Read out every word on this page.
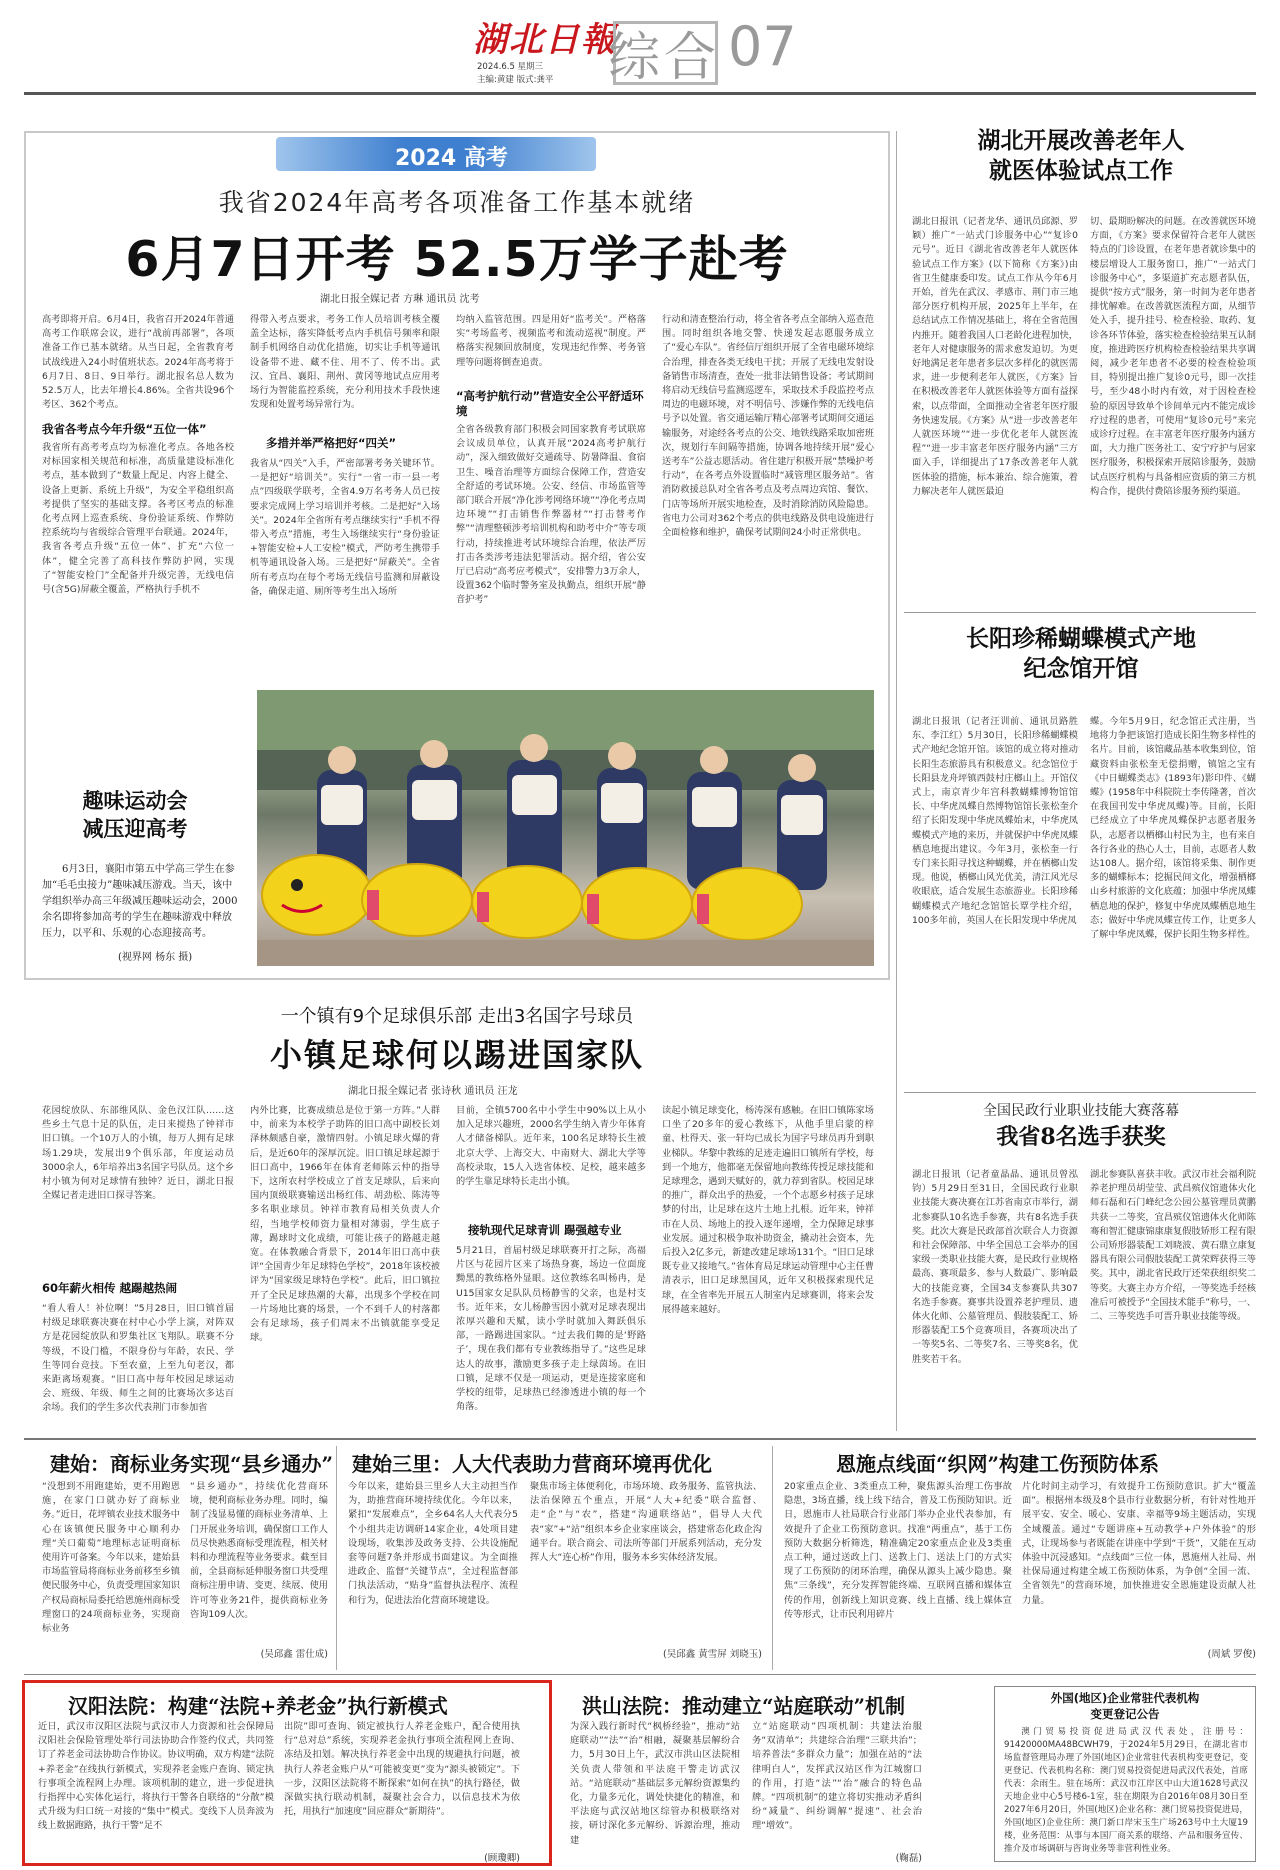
湖北日報
2024.6.5 星期三
主编:黄建 版式:龚平 综合 07
2024 高考
我省2024年高考各项准备工作基本就绪
6月7日开考 52.5万学子赴考
湖北日报全媒记者 方琳 通讯员 沈考
高考即将开启。6月4日，我省召开2024年普通高考工作联席会议，进行“战前再部署”，各项准备工作已基本就绪。从当日起，全省教育考试战线进入24小时值班状态。2024年高考将于6月7日、8日、9日举行。湖北报名总人数为52.5万人，比去年增长4.86%。全省共设96个考区、362个考点。
我省各考点今年升级“五位一体”
我省所有高考考点均为标准化考点。各地各校对标国家相关规范和标准，高质量建设标准化考点，基本做到了“数量上配足、内容上健全、设备上更新、系统上升级”，为安全平稳组织高考提供了坚实的基础支撑。各考区考点的标准化考点网上巡查系统、身份验证系统、作弊防控系统均与省级综合管理平台联通。2024年，我省各考点升级“五位一体”、扩充“六位一体”，健全完善了高科技作弊防护网，实现了“智能安检门”全配备并升级完善，无线电信号(含5G)屏蔽全覆盖，严格执行手机不
得带入考点要求，考务工作人员培训考核全覆盖全达标，落实降低考点内手机信号频率和限制手机网络自动优化措施，切实让手机等通讯设备带不进、藏不住、用不了、传不出。武汉、宜昌、襄阳、荆州、黄冈等地试点应用考场行为智能监控系统，充分利用技术手段快速发现和处置考场异常行为。
多措并举严格把好“四关”
我省从“四关”入手，严密部署考务关键环节。一是把好“培训关”。实行“一省一市一县一考点”四级联学联考，全省4.9万名考务人员已按要求完成网上学习培训并考核。二是把好“入场关”。2024年全省所有考点继续实行“手机不得带入考点”措施，考生入场继续实行“身份验证+智能安检+人工安检”模式，严防考生携带手机等通讯设备入场。三是把好“屏蔽关”。全省所有考点均在每个考场无线信号监测和屏蔽设备，确保走道、厕所等考生出入场所
均纳入监管范围。四是用好“监考关”。严格落实“考场监考、视频监考和流动巡视”制度。严格落实视频回放制度，发现违纪作弊、考务管理等问题将倒查追责。
“高考护航行动”营造安全公平舒适环境
全省各级教育部门积极会同国家教育考试联席会议成员单位，认真开展“2024高考护航行动”，深入细致做好交通疏导、防暑降温、食宿卫生、噪音治理等方面综合保障工作，营造安全舒适的考试环境。公安、经信、市场监管等部门联合开展“净化涉考网络环境”“净化考点周边环境”“打击销售作弊器材”“打击替考作弊”“清理整顿涉考培训机构和助考中介”等专项行动，持续推进考试环境综合治理，依法严厉打击各类涉考违法犯罪活动。据介绍，省公安厅已启动“高考应考模式”，安排警力3万余人，设置362个临时警务室及执勤点，组织开展“静音护考”
行动和清查整治行动，将全省各考点全部纳入巡查范围。同时组织各地交警、快递发起志愿服务成立了“爱心车队”。省经信厅组织开展了全省电磁环境综合治理，排查各类无线电干扰；开展了无线电发射设备销售市场清查，查处一批非法销售设备；考试期间将启动无线信号监测巡逻车，采取技术手段监控考点周边的电磁环境，对不明信号、涉嫌作弊的无线电信号予以处置。省交通运输厅精心部署考试期间交通运输服务，对途经各考点的公交、地铁线路采取加密班次，规划行车间隔等措施，协调各地持续开展“爱心送考车”公益志愿活动。省住建厅积极开展“禁噪护考行动”，在各考点外设置临时“减管理区服务站”。省消防救援总队对全省各考点及考点周边宾馆、餐饮、门店等场所开展实地检查，及时消除消防风险隐患。省电力公司对362个考点的供电线路及供电设施进行全面检修和维护，确保考试期间24小时正常供电。
趣味运动会
减压迎高考
6月3日，襄阳市第五中学高三学生在参加“毛毛虫接力”趣味减压游戏。当天，该中学组织举办高三年级减压趣味运动会，2000余名即将参加高考的学生在趣味游戏中释放压力，以平和、乐观的心态迎接高考。
(视界网 杨东 摄)
湖北开展改善老年人
就医体验试点工作
湖北日报讯（记者龙华、通讯员邱源、罗颖）推广“一站式门诊服务中心”“复诊0元号”。近日《湖北省改善老年人就医体验试点工作方案》(以下简称《方案》)由省卫生健康委印发。试点工作从今年6月开始，首先在武汉、孝感市、荆门市三地部分医疗机构开展，2025年上半年，在总结试点工作情况基础上，将在全省范围内推开。随着我国人口老龄化进程加快，老年人对健康服务的需求愈发迫切。为更好地满足老年患者多层次多样化的就医需求，进一步便利老年人就医，《方案》旨在积极改善老年人就医体验等方面有益探索，以点带面，全面推动全省老年医疗服务快速发展。《方案》从“进一步改善老年人就医环境”“进一步优化老年人就医流程”“进一步丰富老年医疗服务内涵”三方面入手，详细提出了17条改善老年人就医体验的措施，标本兼治、综合施策，着力解决老年人就医最迫
切、最期盼解决的问题。在改善就医环境方面，《方案》要求保留符合老年人就医特点的门诊设置，在老年患者就诊集中的楼层增设人工服务窗口，推广“一站式门诊服务中心”，多渠道扩充志愿者队伍，提供“按方式”服务，第一时间为老年患者排忧解难。在改善就医流程方面，从细节处入手，提升挂号、检查检验、取药、复诊各环节体验，落实检查检验结果互认制度，推进跨医疗机构检查检验结果共享调阅，减少老年患者不必要的检查检验项目，特别提出推广复诊0元号，即一次挂号，至少48小时内有效，对于因检查检验的原因导致单个诊间单元内不能完成诊疗过程的患者，可使用“复诊0元号”来完成诊疗过程。在丰富老年医疗服务内涵方面，大力推广医务社工、安宁疗护与居家医疗服务，积极探索开展陪诊服务，鼓励试点医疗机构与具备相应资质的第三方机构合作，提供付费陪诊服务预约渠道。
长阳珍稀蝴蝶模式产地
纪念馆开馆
湖北日报讯（记者汪训前、通讯员路胜东、李江红）5月30日，长阳珍稀蝴蝶模式产地纪念馆开馆。该馆的成立将对推动长阳生态旅游具有积极意义。纪念馆位于长阳县龙舟坪镇西鼓村庄榔山上。开馆仪式上，南京青少年宫科教蝴蝶博物馆馆长、中华虎凤蝶自然博物馆馆长张松奎介绍了长阳发现中华虎凤蝶始末，中华虎凤蝶模式产地的来历，并就保护中华虎凤蝶栖息地提出建议。今年3月，张松奎一行专门来长阳寻找这种蝴蝶，并在栖榔山发现。他说，栖榔山风光优美，清江风光尽收眼底，适合发展生态旅游业。长阳珍稀蝴蝶模式产地纪念馆馆长覃学柱介绍，100多年前，英国人在长阳发现中华虎凤
蝶。今年5月9日，纪念馆正式注册，当地将力争把该馆打造成长阳生物多样性的名片。目前，该馆藏品基本收集到位，馆藏资料由张松奎无偿捐赠，镇馆之宝有《中日蝴蝶类志》(1893年)影印件、《蝴蝶》(1958年中科院院士李传隆著，首次在我国刊发中华虎凤蝶)等。目前，长阳已经成立了中华虎凤蝶保护志愿者服务队，志愿者以栖榔山村民为主，也有来自各行各业的热心人士，目前，志愿者人数达108人。据介绍，该馆将采集、制作更多的蝴蝶标本；挖掘民间文化，增强栖榔山乡村旅游的文化底蕴；加强中华虎凤蝶栖息地的保护，修复中华虎凤蝶栖息地生态；做好中华虎凤蝶宣传工作，让更多人了解中华虎凤蝶，保护长阳生物多样性。
全国民政行业职业技能大赛落幕
我省8名选手获奖
湖北日报讯（记者童晶晶、通讯员曾泓钧）5月29日至31日，全国民政行业职业技能大赛决赛在江苏省南京市举行，湖北参赛队10名选手参赛，共有8名选手获奖。此次大赛是民政部首次联合人力资源和社会保障部、中华全国总工会举办的国家级一类职业技能大赛，是民政行业规格最高、赛项最多、参与人数最广、影响最大的技能竞赛，全国34支参赛队共307名选手参赛。赛事共设置养老护理员、遗体火化师、公墓管理员、假肢装配工、矫形器装配工5个竞赛项目，各赛项决出了一等奖5名、二等奖7名、三等奖8名，优胜奖若干名。
湖北参赛队喜获丰收。武汉市社会福利院养老护理员胡莹莹、武昌殡仪馆遗体火化师石磊和石门峰纪念公园公墓管理员黄鹏共获一二等奖，宜昌殡仪馆遗体火化师陈骞和智汇健康锦康康复假肢矫形工程有限公司矫形器装配工刘晓波、黄石鼎立康复器具有限公司假肢装配工黄荣辉获得三等奖。其中，湖北省民政厅还荣获组织奖二等奖。大赛主办方介绍，一等奖选手经核准后可被授予“全国技术能手”称号，一、二、三等奖选手可晋升职业技能等级。
一个镇有9个足球俱乐部 走出3名国字号球员
小镇足球何以踢进国家队
湖北日报全媒记者 张诗秋 通讯员 汪龙
花园绽放队、东部维风队、金色汉江队……这些乡土气息十足的队伍，走日来搅热了钟祥市旧口镇。一个10万人的小镇，每万人拥有足球场1.29块，发展出9个俱乐部，年度运动员3000余人，6年培养出3名国字号队员。这个乡村小镇为何对足球情有独钟？近日，湖北日报全媒记者走进旧口探寻答案。
60年薪火相传 越踢越热闹
“看人看人！补位啊！”5月28日，旧口镇首届村级足球联赛决赛在村中心小学上演，对阵双方是花园绽放队和罗集社区飞翔队。联赛不分等级，不设门槛，不限身份与年龄，农民、学生等同台竞技。下至农童，上至九旬老汉，都来距离场观赛。“旧口高中每年校园足球运动会、班级、年级、师生之间的比赛场次多达百余场。我们的学生多次代表荆门市参加省
内外比赛，比赛成绩总是位于第一方阵。”人群中，前来为本校学子助阵的旧口高中副校长刘泽林颇感自豪，激情四射。小镇足球火爆的背后，是近60年的深厚沉淀。旧口镇足球起源于旧口高中，1966年在体育老师陈云仲的指导下，这所农村学校成立了首支足球队，后来向国内顶级联赛输送出杨红伟、胡劲松、陈涛等多名职业球员。钟祥市教育局相关负责人介绍，当地学校师资力量相对薄弱，学生底子薄，踢球时文化成绩，可能让孩子的路越走越宽。在体教融合背景下，2014年旧口高中获评“全国青少年足球特色学校”，2018年该校被评为“国家级足球特色学校”。此后，旧口镇拉开了全民足球热潮的大幕，出现多个学校在同一片场地比赛的场景，一个不到千人的村落都会有足球场，孩子们周末不出镇就能享受足球。
目前，全镇5700名中小学生中90%以上从小加入足球兴趣班，2000名学生纳入青少年体育人才储备梯队。近年来，100名足球特长生被北京大学、上海交大、中南财大、湖北大学等高校录取，15人入选省体校、足校，越来越多的学生靠足球特长走出小镇。
接轨现代足球青训 踢强越专业
5月21日，首届村级足球联赛开打之际，高福片区与花园片区来了场热身赛，场边一位面庞黝黑的教练格外显眼。这位教练名叫杨冉，是U15国家女足队队员杨静雪的父亲，也是村支书。近年来，女儿杨静雪因小就对足球表现出浓厚兴趣和天赋，读小学时就加入舞跃俱乐部，一路踢进国家队。“过去我们舞的是‘野路子’，现在我们都有专业教练指导了。”这些足球达人的故事，激励更多孩子走上绿茵场。在旧口镇，足球不仅是一项运动，更是连接家庭和学校的纽带，足球热已经渗透进小镇的每一个角落。
读起小镇足球变化，杨涛深有感触。在旧口镇陈家场口坐了20多年的爱心教练下，从他手里启蒙的梓童、杜得天、张一轩均已成长为国字号球员再升到职业梯队。华黎中教练的足迹走遍旧口镇所有学校，每到一个地方，他都毫无保留地向教练传授足球技能和足球理念，遇到天赋好的，就力荐到省队。校园足球的推广，群众出乎的热爱，一个个志愿乡村孩子足球梦的付出，让足球在这片土地上扎根。近年来，钟祥市在人员、场地上的投入逐年递增，全力保障足球事业发展。通过积极争取补助资金，撬动社会资本，先后投入2亿多元，新建改建足球场131个。“旧口足球既专业又接地气。”省体育局足球运动管理中心主任曹清表示，旧口足球黑国风，近年又积极探索现代足球，在全省率先开展五人制室内足球赛训，将来会发展得越来越好。
建始：商标业务实现“县乡通办”
“没想到不用跑建始，更不用跑恩施，在家门口就办好了商标业务。”近日，花坪镇农业技术服务中心在该镇便民服务中心顺利办理“关口葡萄”地理标志证明商标使用许可备案。今年以来，建始县市场监管局将商标业务前移至乡镇便民服务中心，负责受理国家知识产权局商标局委托给恩施州商标受理窗口的24项商标业务，实现商标业务
“县乡通办”，持续优化营商环境，便利商标业务办理。同时，编制了浅显易懂的商标业务清单、上门开展业务培训，确保窗口工作人员尽快熟悉商标受理流程，相关材料和办理流程等业务要求。截至目前，全县商标延伸服务窗口共受理商标注册申请、变更、续展、使用许可等业务21件，提供商标业务咨询109人次。
(吴邱鑫 雷仕成)
建始三里：人大代表助力营商环境再优化
今年以来，建始县三里乡人大主动担当作为，助推营商环境持续优化。今年以来，紧扣“发展难点”，全乡64名人大代表分5个小组共走访调研14家企业，4处项目建设现场，收集涉及政务支持、公共设施配套等问题7条并形成书面建议。为全面推进政企、监督“关键节点”，全过程监督部门执法活动，“贴身”监督执法程序、流程和行为，促进法治化营商环境建设。
聚焦市场主体便利化，市场环境、政务服务、监管执法、法治保障五个重点，开展“人大+纪委”联合监督、走“企”与“农”，搭建“沟通联络站”，倡导人大代表“家”+“站”组织本乡企业家座谈会，搭建常态化政企沟通平台。联合商会、司法所等部门开展系列活动，充分发挥人大“连心桥”作用，服务本乡实体经济发展。
(吴邱鑫 黄雪屏 刘晓玉)
恩施点线面“织网”构建工伤预防体系
20家重点企业、3类重点工种，聚焦源头治理工伤事故隐患，3场直播，线上线下结合，普及工伤预防知识。近日，恩施市人社局联合行业部门举办企业代表参加，有效提升了企业工伤预防意识。找准“两重点”，基于工伤预防大数据分析筛选，精准确定20家重点企业及3类重点工种，通过送政上门、送教上门、送法上门的方式实现了工伤预防的闭环治理，确保从源头上减少隐患。聚焦“三条线”，充分发挥智能终端、互联网直播和媒体宣传的作用，创新线上知识竞赛、线上直播、线上媒体宣传等形式，让市民利用碎片
片化时间主动学习，有效提升工伤预防意识。扩大“覆盖面”。根据州本级及8个县市行业数据分析，有针对性地开展平安、安全、暖心、安康、幸福等9场主题活动，实现全域覆盖。通过“专题讲座+互动教学+户外体验”的形式，让现场参与者既能在讲座中学到“干货”，又能在互动体验中沉浸感知。“点线面”三位一体，恩施州人社局、州社保局通过构建全域工伤预防体系，为争创“全国一流、全省领先”的营商环境，加快推进安全恩施建设贡献人社力量。
(周斌 罗俊)
汉阳法院：构建“法院+养老金”执行新模式
近日，武汉市汉阳区法院与武汉市人力资源和社会保障局汉阳社会保险管理处举行司法协助合作签约仪式，共同签订了养老金司法协助合作协议。协议明确，双方构建“法院+养老金”在线执行新模式，实现养老金账户查询、锁定执行事项全流程网上办理。该项机制的建立，进一步促进执行指挥中心实体化运行，将执行干警各自联络的“分散”模式升级为归口统一对接的“集中”模式。变线下人员奔波为线上数据跑路，执行干警“足不
出院”即可查询、锁定被执行人养老金账户，配合使用执行“总对总”系统，实现养老金执行事项全流程网上查询、冻结及扣划。解决执行养老金中出现的规避执行问题，被执行人养老金账户从“可能被变更”变为“源头被锁定”。下一步，汉阳区法院将不断探索“如何在执”的执行路径，做深做实执行联动机制，凝聚社会合力，以信息技术为依托，用执行“加速度”回应群众“新期待”。
(顾瓊卿)
洪山法院：推动建立“站庭联动”机制
为深入践行新时代“枫桥经验”，推动“站庭联动”“法”“治”相融，凝聚基层解纷合力，5月30日上午，武汉市洪山区法院相关负责人带领和平法庭干警走访武汉站。“站庭联动”基础层多元解纷资源集约化，力量多元化，调处快捷化的精准，和平法庭与武汉站地区综管办积极联络对接，研讨深化多元解纷、诉源治理，推动建
立“站庭联动”四项机制：共建法治服务“双清单”；共建综合治理“三联共治”；培养普法“多群众力量”；加强在站的“法律明白人”，发挥武汉站区作为江城窗口的作用，打造“法”“治”融合的特色品牌。“四项机制”的建立将切实推动矛盾纠纷“减量”、纠纷调解“提速”、社会治理“增效”。
(鞠磊)
外国(地区)企业常驻代表机构
变更登记公告
澳门贸易投资促进局武汉代表处，注册号：91420000MA48BCWH79，于2024年5月29日，在湖北省市场监督管理局办理了外国(地区)企业常驻代表机构变更登记，变更登记、代表机构名称：澳门贸易投资促进局武汉代表处，首席代表：余雨生。驻在场所：武汉市江岸区中山大道1628号武汉天地企业中心5号楼6-1室，驻在期限为自2016年08月30日至2027年6月20日，外国(地区)企业名称：澳门贸易投资促进局，外国(地区)企业住所：澳门新口岸宋玉生广场263号中土大厦19楼，业务范围：从事与本国厂商关系的联络、产品和服务宣传、推介及市场调研与咨询业务等非营利性业务。
